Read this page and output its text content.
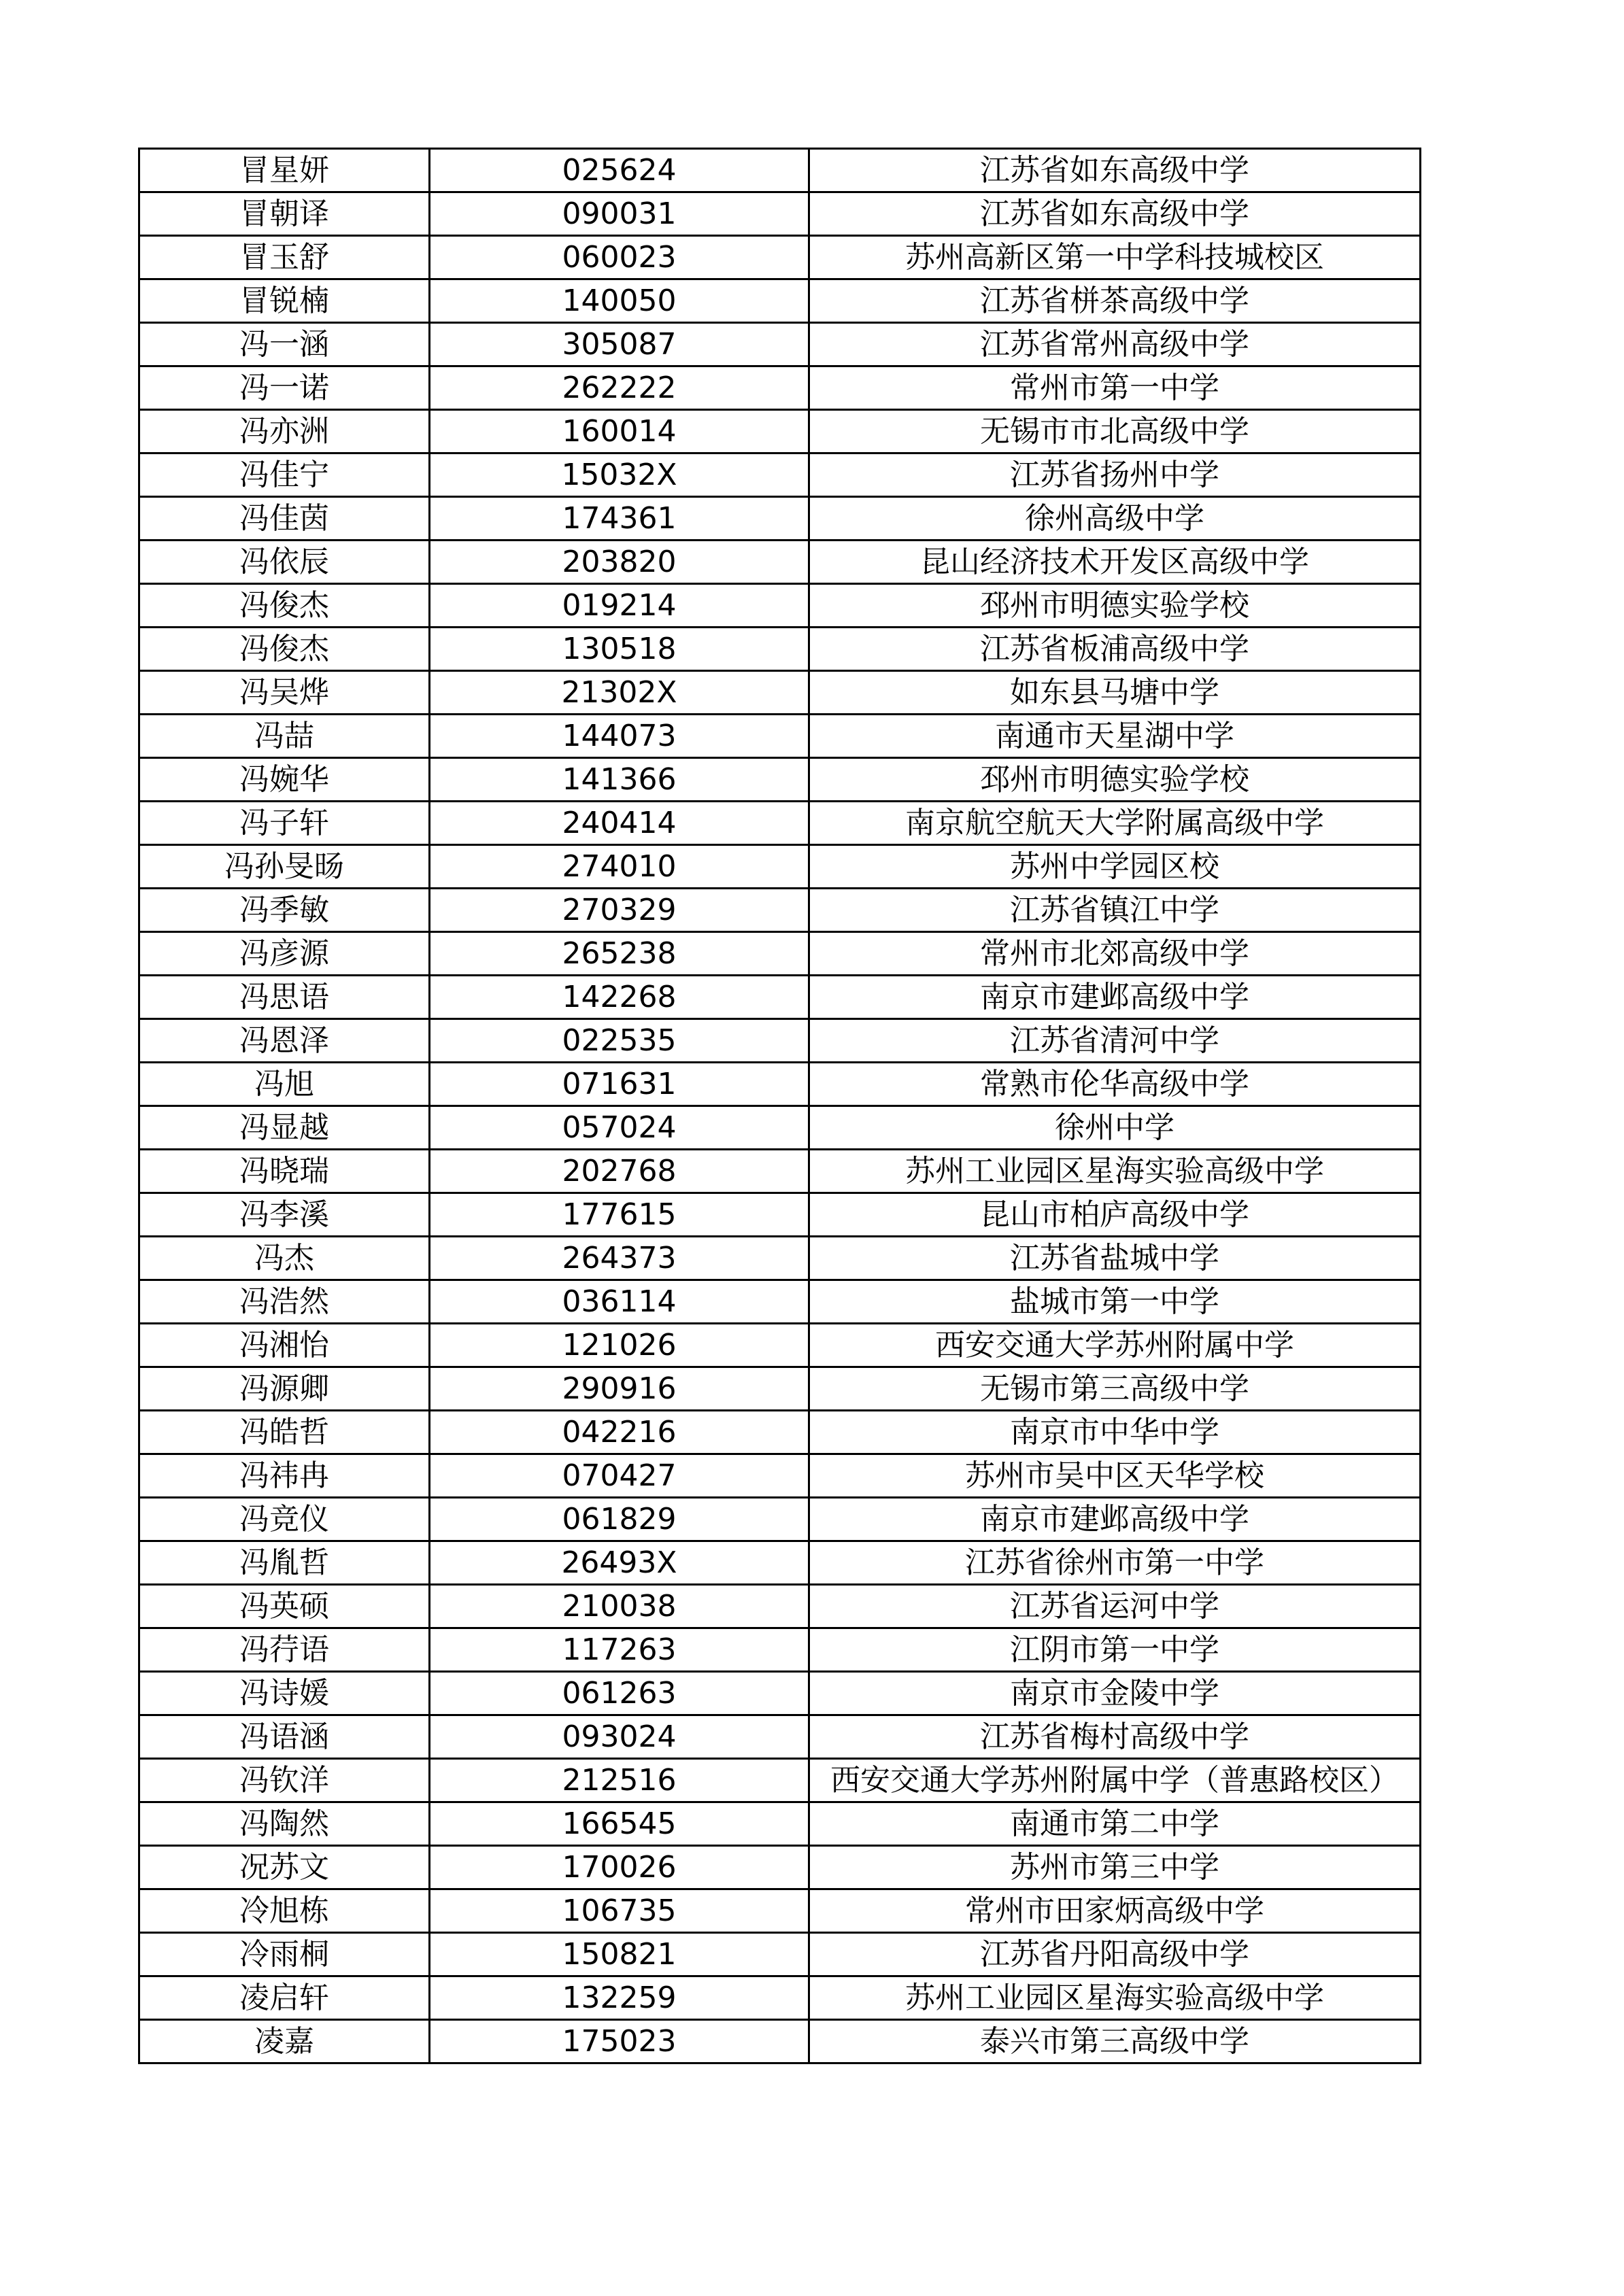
冒星妍	025624	江苏省如东高级中学
冒朝译	090031	江苏省如东高级中学
冒玉舒	060023	苏州高新区第一中学科技城校区
冒锐楠	140050	江苏省栟茶高级中学
冯一涵	305087	江苏省常州高级中学
冯一诺	262222	常州市第一中学
冯亦洲	160014	无锡市市北高级中学
冯佳宁	15032X	江苏省扬州中学
冯佳茵	174361	徐州高级中学
冯依辰	203820	昆山经济技术开发区高级中学
冯俊杰	019214	邳州市明德实验学校
冯俊杰	130518	江苏省板浦高级中学
冯吴烨	21302X	如东县马塘中学
冯喆	144073	南通市天星湖中学
冯婉华	141366	邳州市明德实验学校
冯子轩	240414	南京航空航天大学附属高级中学
冯孙旻旸	274010	苏州中学园区校
冯季敏	270329	江苏省镇江中学
冯彦源	265238	常州市北郊高级中学
冯思语	142268	南京市建邺高级中学
冯恩泽	022535	江苏省清河中学
冯旭	071631	常熟市伦华高级中学
冯显越	057024	徐州中学
冯晓瑞	202768	苏州工业园区星海实验高级中学
冯李溪	177615	昆山市柏庐高级中学
冯杰	264373	江苏省盐城中学
冯浩然	036114	盐城市第一中学
冯湘怡	121026	西安交通大学苏州附属中学
冯源卿	290916	无锡市第三高级中学
冯皓哲	042216	南京市中华中学
冯祎冉	070427	苏州市吴中区天华学校
冯竞仪	061829	南京市建邺高级中学
冯胤哲	26493X	江苏省徐州市第一中学
冯英硕	210038	江苏省运河中学
冯荇语	117263	江阴市第一中学
冯诗媛	061263	南京市金陵中学
冯语涵	093024	江苏省梅村高级中学
冯钦洋	212516	西安交通大学苏州附属中学（普惠路校区）
冯陶然	166545	南通市第二中学
况苏文	170026	苏州市第三中学
冷旭栋	106735	常州市田家炳高级中学
冷雨桐	150821	江苏省丹阳高级中学
凌启轩	132259	苏州工业园区星海实验高级中学
凌嘉	175023	泰兴市第三高级中学
